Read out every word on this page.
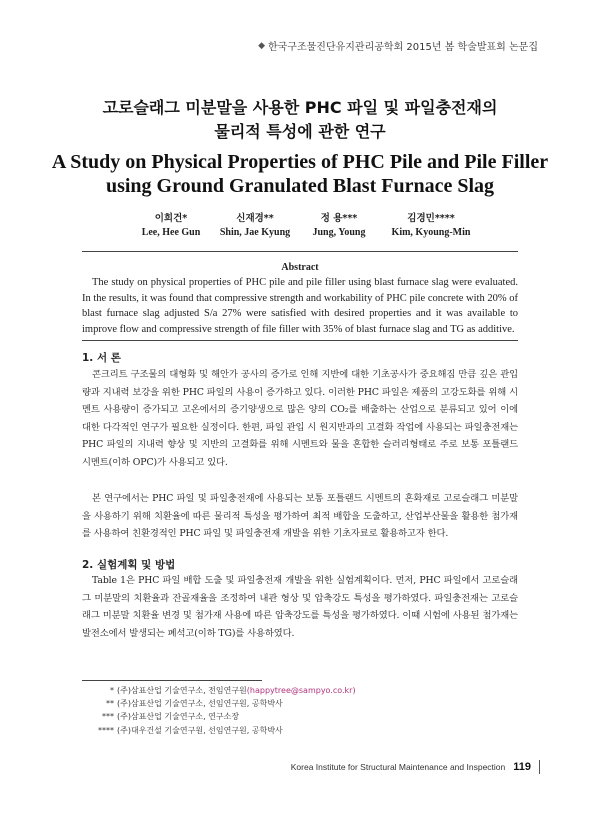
◆ 한국구조물진단유지관리공학회 2015년 봄 학술발표회 논문집
고로슬래그 미분말을 사용한 PHC 파일 및 파일충전재의
물리적 특성에 관한 연구
A Study on Physical Properties of PHC Pile and Pile Filler
using Ground Granulated Blast Furnace Slag
이희건*
Lee, Hee Gun
신재경**
Shin, Jae Kyung
정 용***
Jung, Young
김경민****
Kim, Kyoung-Min
Abstract
The study on physical properties of PHC pile and pile filler using blast furnace slag were evaluated. In the results, it was found that compressive strength and workability of PHC pile concrete with 20% of blast furnace slag adjusted S/a 27% were satisfied with desired properties and it was available to improve flow and compressive strength of file filler with 35% of blast furnace slag and TG as additive.
1. 서 론
콘크리트 구조물의 대형화 및 해안가 공사의 증가로 인해 지반에 대한 기초공사가 중요해짐 만큼 깊은 관입량과 지내력 보강을 위한 PHC 파일의 사용이 증가하고 있다. 이러한 PHC 파일은 제품의 고강도화를 위해 시멘트 사용량이 증가되고 고온에서의 증기양생으로 많은 양의 CO₂를 배출하는 산업으로 분류되고 있어 이에 대한 다각적인 연구가 필요한 실정이다. 한편, 파일 관입 시 원지반과의 고결화 작업에 사용되는 파일충전재는 PHC 파일의 지내력 향상 및 지반의 고결화를 위해 시멘트와 물을 혼합한 슬러리형태로 주로 보통 포틀랜드 시멘트(이하 OPC)가 사용되고 있다.
본 연구에서는 PHC 파일 및 파일충전재에 사용되는 보통 포틀랜드 시멘트의 혼화재로 고로슬래그 미분말을 사용하기 위해 치환율에 따른 물리적 특성을 평가하여 최적 배합을 도출하고, 산업부산물을 활용한 첨가재를 사용하여 친환경적인 PHC 파일 및 파일충전재 개발을 위한 기초자료로 활용하고자 한다.
2. 실험계획 및 방법
Table 1은 PHC 파일 배합 도출 및 파일충전재 개발을 위한 실험계획이다. 먼저, PHC 파일에서 고로슬래그 미분말의 치환율과 잔골재율을 조정하여 내관 형상 및 압축강도 특성을 평가하였다. 파일충전재는 고로슬래그 미분말 치환율 변경 및 첨가재 사용에 따른 압축강도를 특성을 평가하였다. 이때 시험에 사용된 첨가재는 발전소에서 발생되는 폐석고(이하 TG)를 사용하였다.
* (주)삼표산업 기술연구소, 전임연구원 (happytree@sampyo.co.kr)
** (주)삼표산업 기술연구소, 선임연구원, 공학박사
*** (주)삼표산업 기술연구소, 연구소장
**** (주)대우건설 기술연구원, 선임연구원, 공학박사
Korea Institute for Structural Maintenance and Inspection 119
